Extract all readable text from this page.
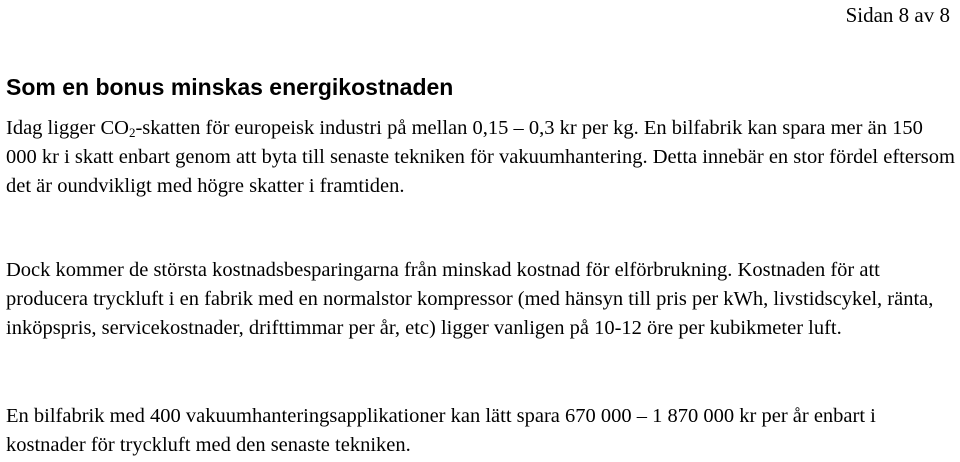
Sidan 8 av 8
Som en bonus minskas energikostnaden

Idag ligger $CO_2$-skatten för europeisk industri på mellan 0,15 – 0,3 kr per kg. En bilfabrik kan spara mer än 150 000 kr i skatt enbart genom att byta till senaste tekniken för vakuumhantering. Detta innebär en stor fördel eftersom det är oundvikligt med högre skatter i framtiden.

Dock kommer de största kostnadsbesparingarna från minskad kostnad för elförbrukning. Kostnaden för att producera tryckluft i en fabrik med en normalstor kompressor (med hänsyn till pris per kWh, livstidscykel, ränta, inköpspris, servicekostnader, drifttimmar per år, etc) ligger vanligen på 10-12 öre per kubikmeter luft.

En bilfabrik med 400 vakuumhanteringsapplikationer kan lätt spara 670 000 – 1 870 000 kr per år enbart i kostnader för tryckluft med den senaste tekniken.
